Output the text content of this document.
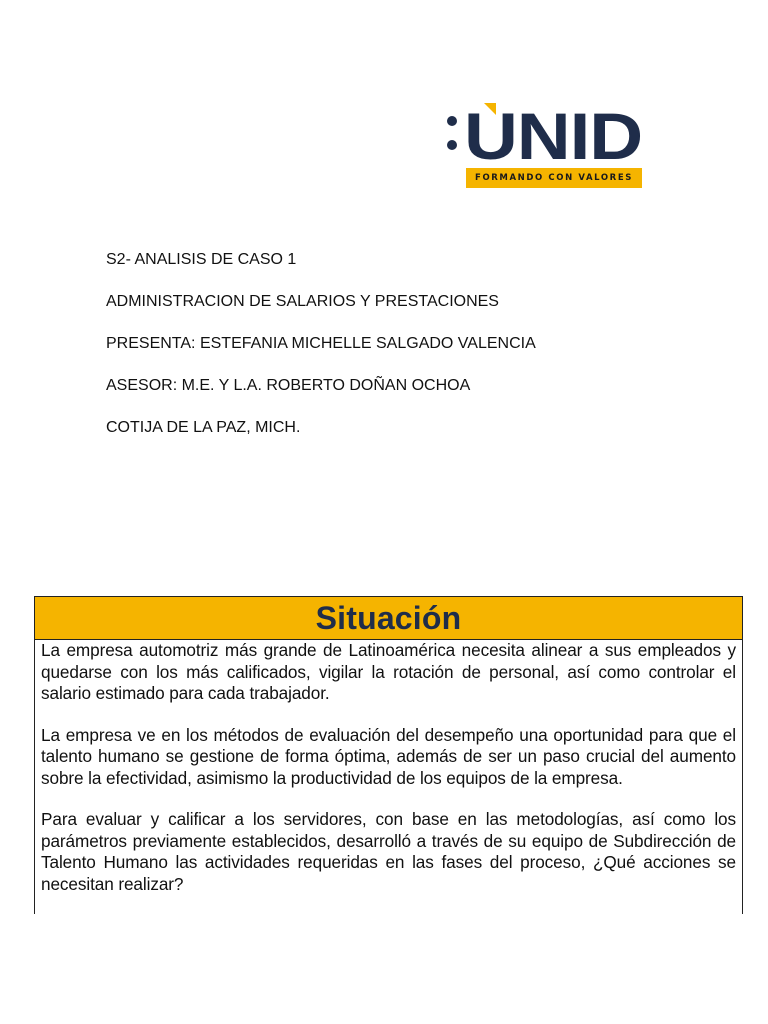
UNID
FORMANDO CON VALORES
S2- ANALISIS DE CASO 1
ADMINISTRACION DE SALARIOS Y PRESTACIONES
PRESENTA: ESTEFANIA MICHELLE SALGADO VALENCIA
ASESOR: M.E. Y L.A. ROBERTO DOÑAN OCHOA
COTIJA DE LA PAZ, MICH.
Situación

La empresa automotriz más grande de Latinoamérica necesita alinear a sus empleados y quedarse con los más calificados, vigilar la rotación de personal, así como controlar el salario estimado para cada trabajador.

La empresa ve en los métodos de evaluación del desempeño una oportunidad para que el talento humano se gestione de forma óptima, además de ser un paso crucial del aumento sobre la efectividad, asimismo la productividad de los equipos de la empresa.

Para evaluar y calificar a los servidores, con base en las metodologías, así como los parámetros previamente establecidos, desarrolló a través de su equipo de Subdirección de Talento Humano las actividades requeridas en las fases del proceso, ¿Qué acciones se necesitan realizar?
